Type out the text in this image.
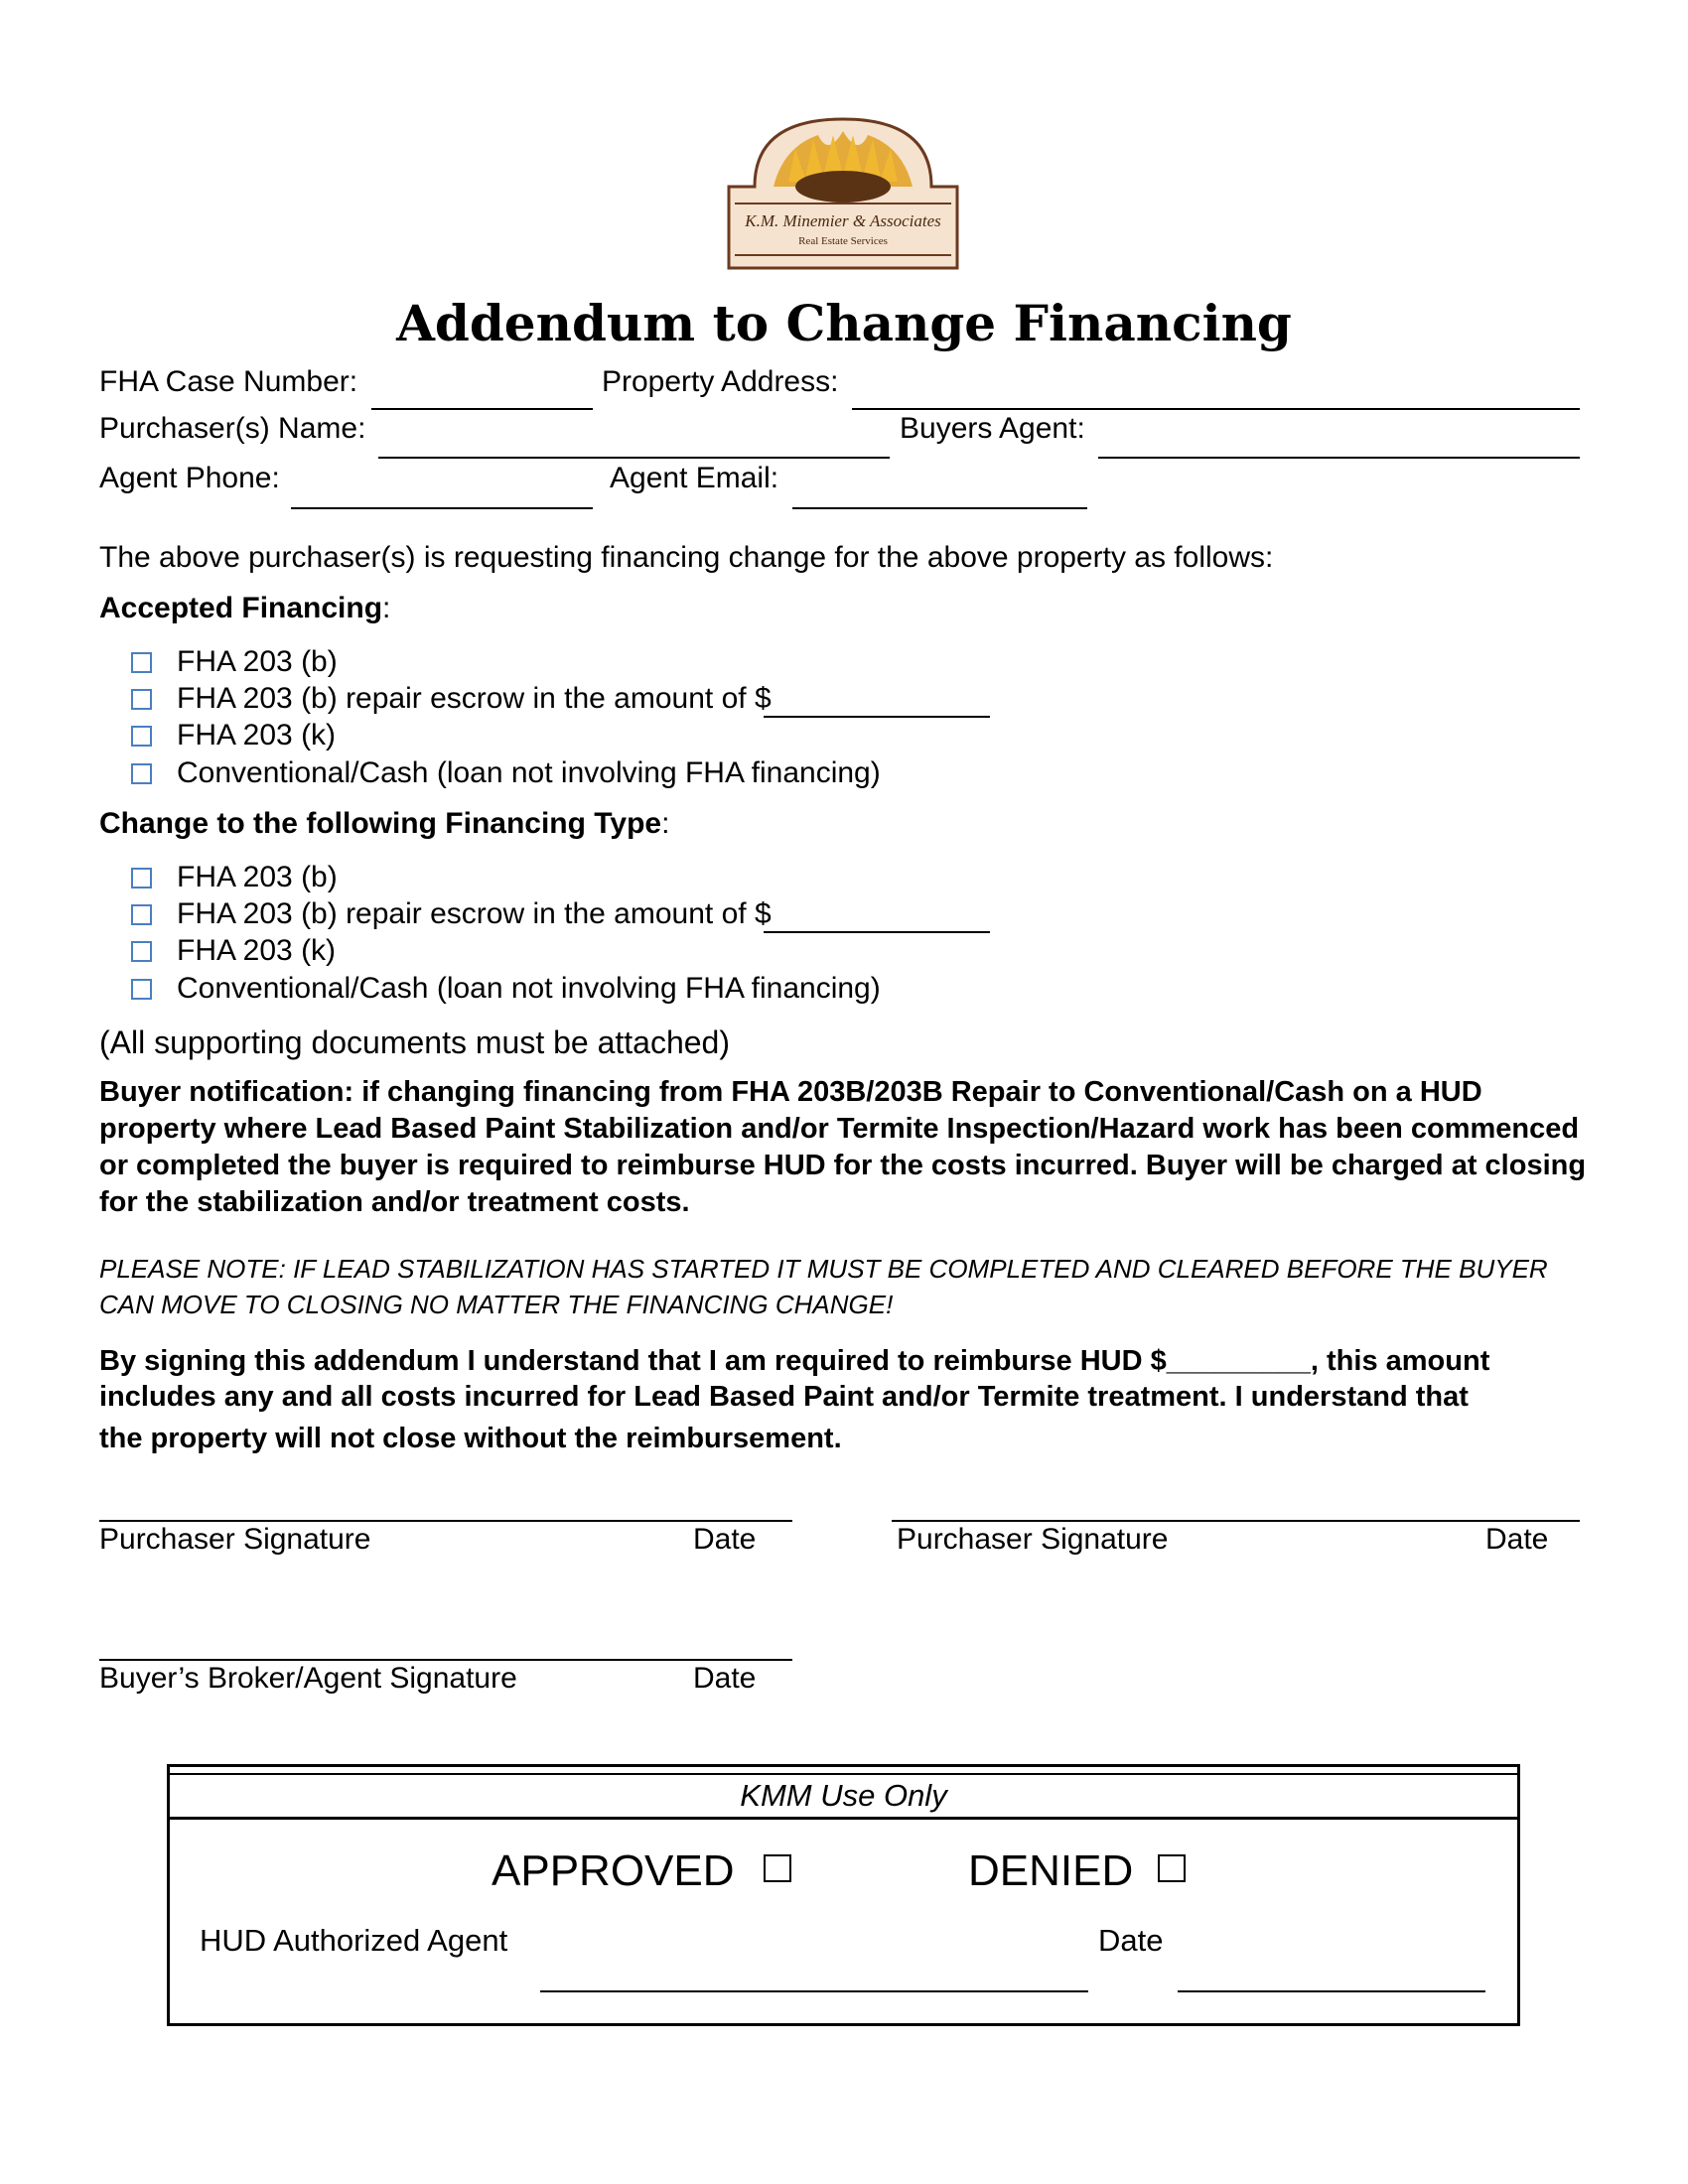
K.M. Minemier & Associates
Real Estate Services
Addendum to Change Financing
FHA Case Number:	Property Address:
Purchaser(s) Name:	Buyers Agent:
Agent Phone:	Agent Email:
The above purchaser(s) is requesting financing change for the above property as follows:
Accepted Financing:
FHA 203 (b)
FHA 203 (b) repair escrow in the amount of $
FHA 203 (k)
Conventional/Cash (loan not involving FHA financing)
Change to the following Financing Type:
FHA 203 (b)
FHA 203 (b) repair escrow in the amount of $
FHA 203 (k)
Conventional/Cash (loan not involving FHA financing)
(All supporting documents must be attached)
Buyer notification: if changing financing from FHA 203B/203B Repair to Conventional/Cash on a HUD property where Lead Based Paint Stabilization and/or Termite Inspection/Hazard work has been commenced or completed the buyer is required to reimburse HUD for the costs incurred. Buyer will be charged at closing for the stabilization and/or treatment costs.
PLEASE NOTE: IF LEAD STABILIZATION HAS STARTED IT MUST BE COMPLETED AND CLEARED BEFORE THE BUYER CAN MOVE TO CLOSING NO MATTER THE FINANCING CHANGE!
By signing this addendum I understand that I am required to reimburse HUD $_________, this amount includes any and all costs incurred for Lead Based Paint and/or Termite treatment. I understand that
the property will not close without the reimbursement.
Purchaser Signature	Date	Purchaser Signature	Date
Buyer’s Broker/Agent Signature	Date
KMM Use Only
APPROVED	DENIED
HUD Authorized Agent	Date
